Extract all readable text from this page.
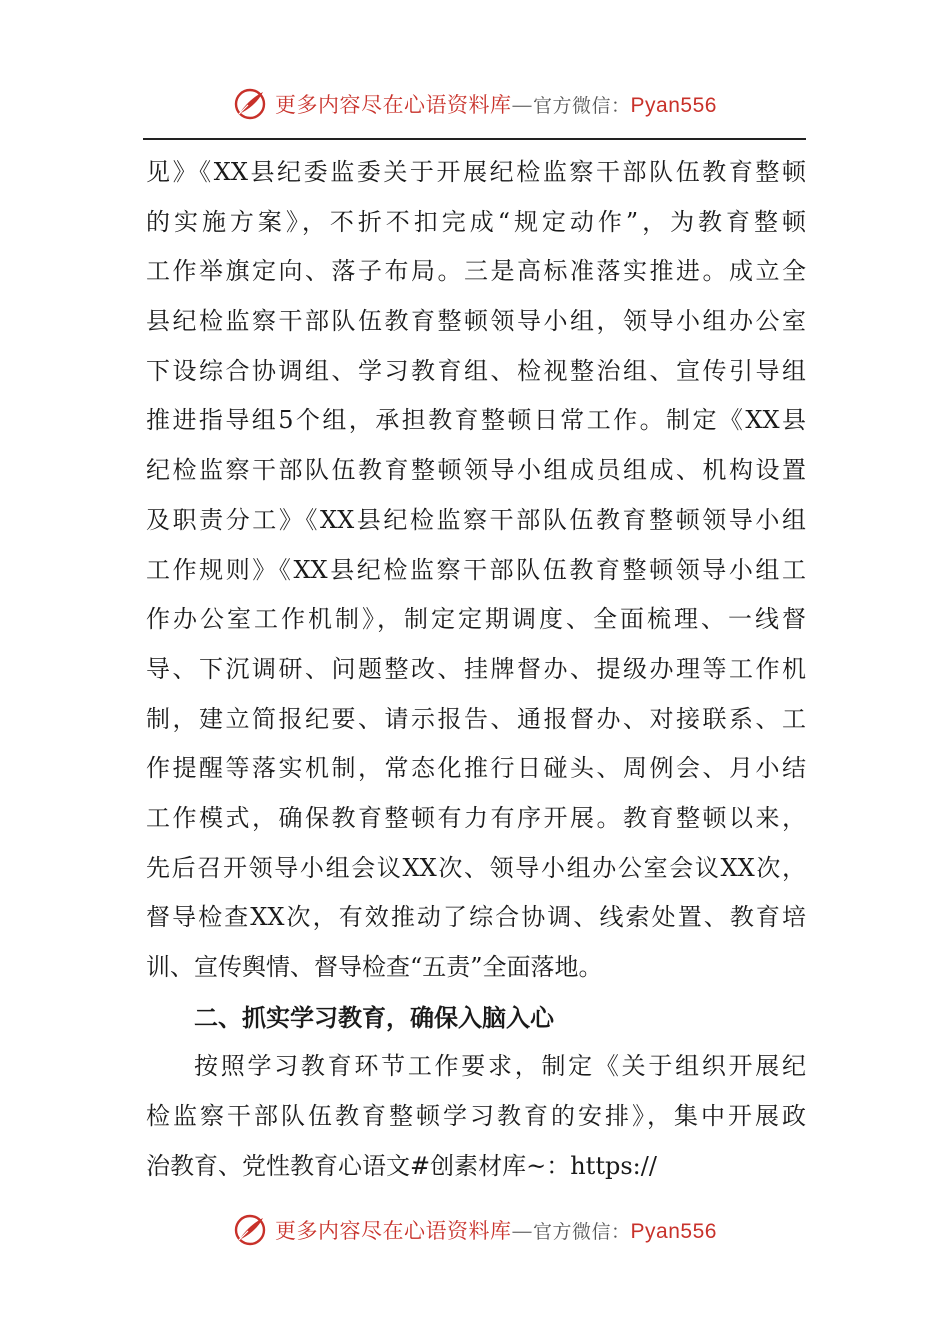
更多内容尽在心语资料库—官方微信：Pyan556
见》《XX县纪委监委关于开展纪检监察干部队伍教育整顿
的实施方案》，不折不扣完成“规定动作”，为教育整顿
工作举旗定向、落子布局。三是高标准落实推进。成立全
县纪检监察干部队伍教育整顿领导小组，领导小组办公室
下设综合协调组、学习教育组、检视整治组、宣传引导组
推进指导组5个组，承担教育整顿日常工作。制定《XX县
纪检监察干部队伍教育整顿领导小组成员组成、机构设置
及职责分工》《XX县纪检监察干部队伍教育整顿领导小组
工作规则》《XX县纪检监察干部队伍教育整顿领导小组工
作办公室工作机制》，制定定期调度、全面梳理、一线督
导、下沉调研、问题整改、挂牌督办、提级办理等工作机
制，建立简报纪要、请示报告、通报督办、对接联系、工
作提醒等落实机制，常态化推行日碰头、周例会、月小结
工作模式，确保教育整顿有力有序开展。教育整顿以来，
先后召开领导小组会议XX次、领导小组办公室会议XX次，
督导检查XX次，有效推动了综合协调、线索处置、教育培
训、宣传舆情、督导检查“五责”全面落地。
二、抓实学习教育，确保入脑入心
按照学习教育环节工作要求，制定《关于组织开展纪
检监察干部队伍教育整顿学习教育的安排》，集中开展政
治教育、党性教育心语文#创素材库~：https://
更多内容尽在心语资料库—官方微信：Pyan556
